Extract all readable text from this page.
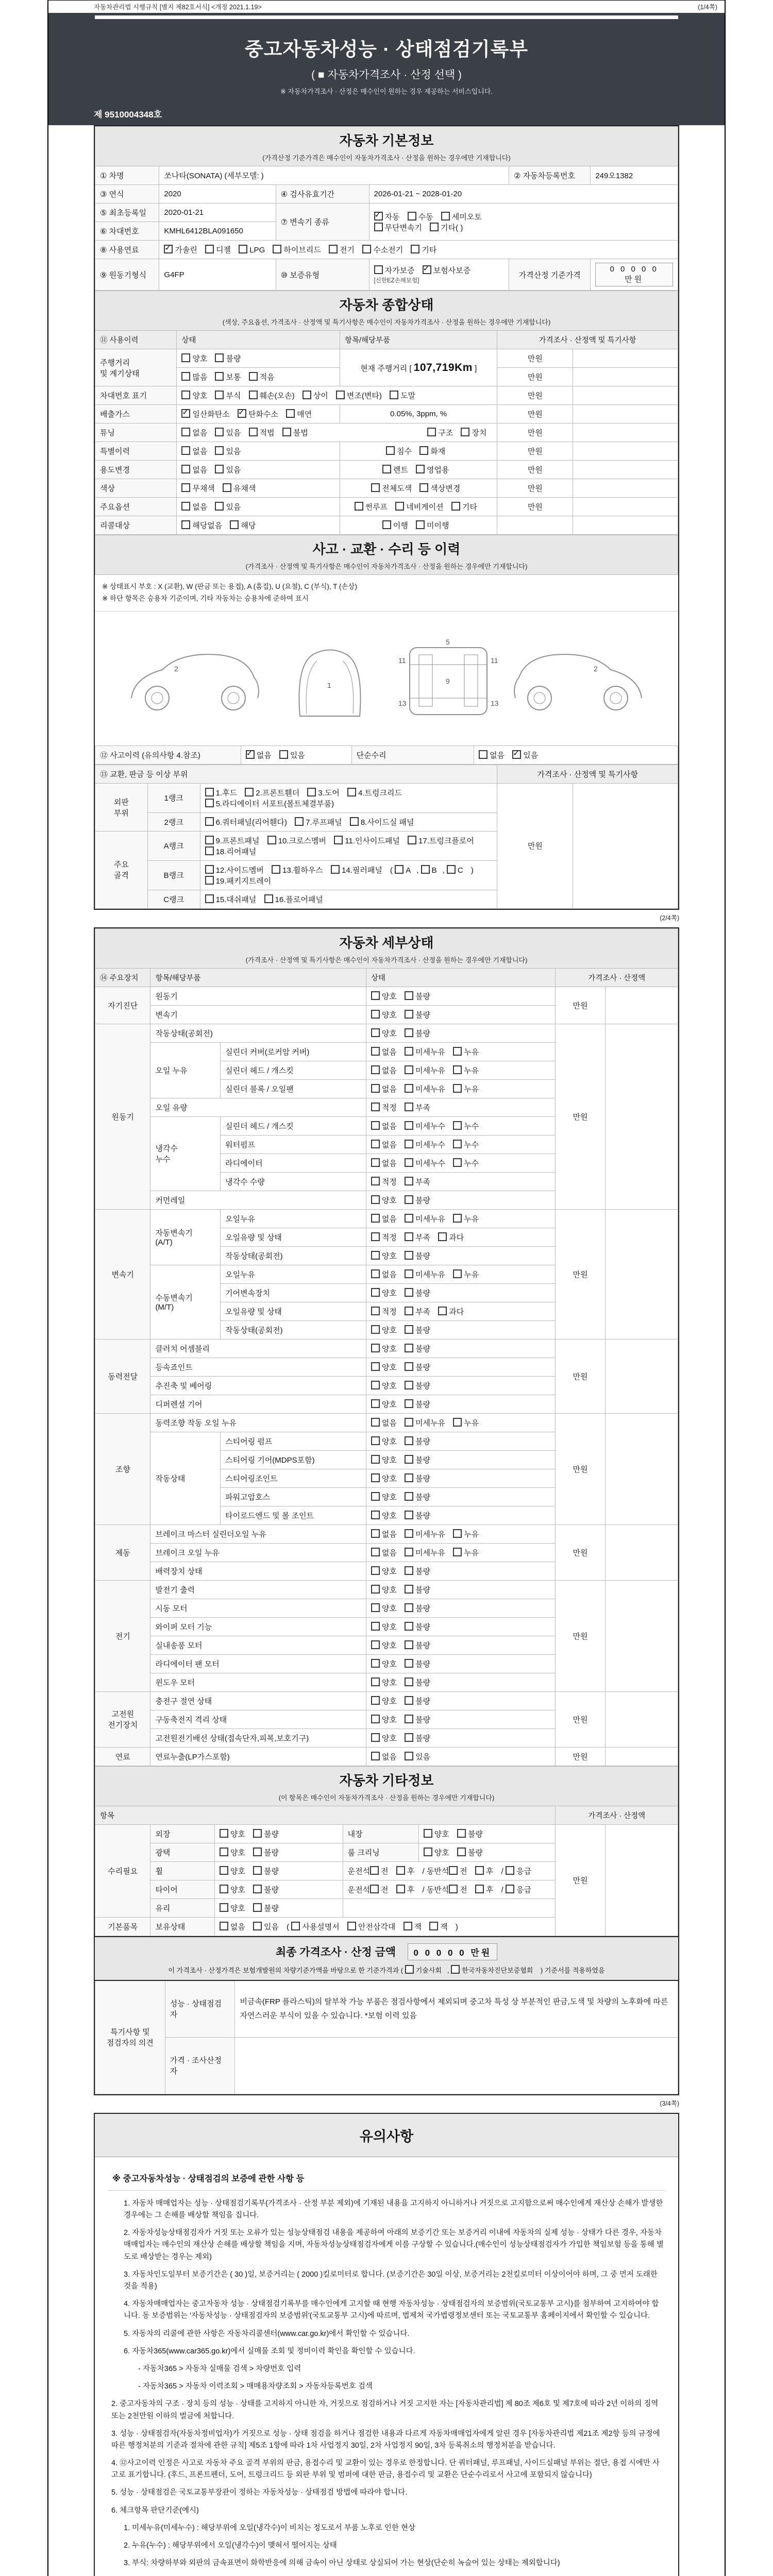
자동차관리법 시행규칙 [별지 제82호서식] <개정 2021.1.19>	(1/4쪽)
중고자동차성능 · 상태점검기록부
( ■ 자동차가격조사 · 산정 선택 )
※ 자동차가격조사 · 산정은 매수인이 원하는 경우 제공하는 서비스입니다.
제 9510004348호
자동차 기본정보
(가격산정 기준가격은 매수인이 자동차가격조사 · 산정을 원하는 경우에만 기재합니다)					

① 차명	쏘나타(SONATA) (세부모델: )			② 자동차등록번호	249오1382
③ 연식	2020	④ 검사유효기간	2026-01-21 ~ 2028-01-20		
⑤ 최초등록일	2020-01-21	⑦ 변속기 종류	✓자동 수동 세미오토
무단변속기 기타( )
⑥ 차대번호	KMHL6412BLA091650				
⑧ 사용연료	✓가솔린 디젤 LPG 하이브리드 전기 수소전기 기타
⑨ 원동기형식	G4FP	⑩ 보증유형	자가보증 ✓ 보험사보증 [신한EZ손해보험]	가격산정 기준가격	0 0 0 0 0 만원
자동차 종합상태
(색상, 주요옵션, 가격조사 · 산정액 및 특기사항은 매수인이 자동차가격조사 · 산정을 원하는 경우에만 기재합니다)				

⑪ 사용이력	상태	항목/해당부품	가격조사 · 산정액 및 특기사항	
주행거리
및 계기상태	양호 불량	현재 주행거리 [ 107,719Km ]	만원	
	많음 보통 적음		만원	
차대번호 표기	양호 부식 훼손(오손) 상이 변조(변타) 도말		만원	
배출가스	✓일산화탄소 ✓ 탄화수소 매연	0.05%, 3ppm, %	만원	
튜닝	없음 있음 적법 불법 구조 장치		만원	
특별이력	없음 있음	침수 화재	만원	
용도변경	없음 있음	렌트 영업용	만원	
색상	무채색 유채색	전체도색 색상변경	만원	
주요옵션	없음 있음	썬루프 네비게이션 기타	만원	
리콜대상	해당없음 해당	이행 미이행		
사고 · 교환 · 수리 등 이력
(가격조사 · 산정액 및 특기사항은 매수인이 자동차가격조사 · 산정을 원하는 경우에만 기재합니다)
※ 상태표시 부호 : X (교환), W (판금 또는 용접), A (흠집), U (요철), C (부식), T (손상)
※ 하단 항목은 승용차 기준이며, 기타 자동차는 승용차에 준하여 표시
2
1
5
11	11
9
13	13
2
⑫ 사고이력 (유의사항 4.참조)	✓없음 있음	단순수리	없음 ✓ 있음
⑬ 교환, 판금 등 이상 부위			가격조사 · 산정액 및 특기사항	
외판
부위	1랭크	1.후드 2.프론트휀더 3.도어 4.트렁크리드
5.라디에이터 서포트(볼트체결부품)	만원	
	2랭크	6.쿼터패널(리어휀다) 7.루프패널 8.사이드실 패널		
주요
골격	A랭크	9.프론트패널 10.크로스멤버 11.인사이드패널 17.트렁크플로어
18.리어패널		
	B랭크	12.사이드멤버 13.휠하우스 14.필러패널 ( A , B , C )
19.패키지트레이		
	C랭크	15.대쉬패널 16.플로어패널		
(2/4쪽)
자동차 세부상태
(가격조사 · 산정액 및 특기사항은 매수인이 자동차가격조사 · 산정을 원하는 경우에만 기재합니다)					

⑭ 주요장치	항목/해당부품		상태	가격조사 · 산정액	
자기진단	원동기		양호 불량	만원	
	변속기		양호 불량		
원동기	작동상태(공회전)		양호 불량	만원	
	오일 누유	실린더 커버(로커암 커버)	없음 미세누유 누유		
		실린더 헤드 / 개스킷	없음 미세누유 누유		
		실린더 블록 / 오일팬	없음 미세누유 누유		
	오일 유량		적정 부족		
	냉각수
누수	실린더 헤드 / 개스킷	없음 미세누수 누수		
		워터펌프	없음 미세누수 누수		
		라디에이터	없음 미세누수 누수		
		냉각수 수량	적정 부족		
	커먼레일		양호 불량		
변속기	자동변속기
(A/T)	오일누유	없음 미세누유 누유	만원	
		오일유량 및 상태	적정 부족 과다		
		작동상태(공회전)	양호 불량		
	수동변속기
(M/T)	오일누유	없음 미세누유 누유		
		기어변속장치	양호 불량		
		오일유량 및 상태	적정 부족 과다		
		작동상태(공회전)	양호 불량		
동력전달	클러치 어셈블리		양호 불량	만원	
	등속죠인트		양호 불량		
	추진축 및 베어링		양호 불량		
	디퍼렌셜 기어		양호 불량		
조향	동력조향 작동 오일 누유		없음 미세누유 누유	만원	
	작동상태	스티어링 펌프	양호 불량		
		스티어링 기어(MDPS포함)	양호 불량		
		스티어링조인트	양호 불량		
		파워고압호스	양호 불량		
		타이로드엔드 및 볼 조인트	양호 불량		
제동	브레이크 마스터 실린더오일 누유		없음 미세누유 누유	만원	
	브레이크 오일 누유		없음 미세누유 누유		
	배력장치 상태		양호 불량		
전기	발전기 출력		양호 불량	만원	
	시동 모터		양호 불량		
	와이퍼 모터 기능		양호 불량		
	실내송풍 모터		양호 불량		
	라디에이터 팬 모터		양호 불량		
	윈도우 모터		양호 불량		
고전원
전기장치	충전구 절연 상태		양호 불량	만원	
	구동축전지 격리 상태		양호 불량		
	고전원전기배선 상태(접속단자,피복,보호기구)		양호 불량		
연료	연료누출(LP가스포함)		없음 있음	만원	
자동차 기타정보
(이 항목은 매수인이 자동차가격조사 · 산정을 원하는 경우에만 기재합니다)						

항목					가격조사 · 산정액	
수리필요	외장	양호 불량	내장	양호 불량	만원	
	광택	양호 불량	룸 크리닝	양호 불량		
	휠	양호 불량	운전석 전 후 / 동반석 전 후 / 응급			
	타이어	양호 불량	운전석 전 후 / 동반석 전 후 / 응급			
	유리	양호 불량				
기본품목	보유상태	없음 있음 ( 사용설명서 안전삼각대 잭 잭 )				
최종 가격조사 · 산정 금액 0 0 0 0 0 만원
이 가격조사 · 산정가격은 보험개발원의 차량기준가액을 바탕으로 한 기준가격과 ( 기술사회 , 한국자동차진단보증협회 ) 기준서를 적용하였음
특기사항 및
점검자의 의견	성능 · 상태점검
자	비금속(FRP 플라스틱)의 탈부착 가능 부품은 점검사항에서 제외되며 중고차 특성 상 부분적인 판금,도색 및 차량의 노후화에 따른 자연스러운 부식이 있을 수 있습니다. *보험 이력 있음
	가격 · 조사산정
자	
(3/4쪽)
유의사항
※ 중고자동차성능 · 상태점검의 보증에 관한 사항 등
1. 자동차 매매업자는 성능 · 상태점검기록부(가격조사 · 산정 부분 제외)에 기재된 내용을 고지하지 아니하거나 거짓으로 고지함으로써 매수인에게 재산상 손해가 발생한 경우에는 그 손해를 배상할 책임을 집니다.
2. 자동차성능상태점검자가 거짓 또는 오류가 있는 성능상태점검 내용을 제공하여 아래의 보증기간 또는 보증거리 이내에 자동차의 실제 성능 · 상태가 다른 경우, 자동차매매업자는 매수인의 재산상 손해를 배상할 책임을 지며, 자동차성능상태점검자에게 이를 구상할 수 있습니다.(매수인이 성능상태점검자가 가입한 책임보험 등을 통해 별도로 배상받는 경우는 제외)
3. 자동차인도일부터 보증기간은 ( 30 )일, 보증거리는 ( 2000 )킬로미터로 합니다. (보증기간은 30일 이상, 보증거리는 2천킬로미터 이상이어야 하며, 그 중 먼저 도래한 것을 적용)
4. 자동차매매업자는 중고자동차 성능 · 상태점검기록부를 매수인에게 고지할 때 현행 자동차성능 · 상태점검자의 보증범위(국토교통부 고시)를 첨부하여 고지하여야 합니다. 동 보증범위는 '자동차성능 · 상태점검자의 보증범위'(국토교통부 고시)에 따르며, 법제처 국가법령정보센터 또는 국토교통부 홈페이지에서 확인할 수 있습니다.
5. 자동차의 리콜에 관한 사항은 자동차리콜센터(www.car.go.kr)에서 확인할 수 있습니다.
6. 자동차365(www.car365.go.kr)에서 실매물 조회 및 정비이력 확인을 확인할 수 있습니다.
- 자동차365 > 자동차 실매물 검색 > 차량번호 입력
- 자동차365 > 자동차 이력조회 > 매매용차량조회 > 자동차등록번호 검색
2. 중고자동차의 구조 · 장치 등의 성능 · 상태를 고지하지 아니한 자, 거짓으로 점검하거나 거짓 고지한 자는 [자동차관리법] 제 80조 제6호 및 제7호에 따라 2년 이하의 징역 또는 2천만원 이하의 벌금에 처합니다.
3. 성능 · 상태점검자(자동차정비업자)가 거짓으로 성능 · 상태 점검을 하거나 점검한 내용과 다르게 자동차매매업자에게 알린 경우 [자동차관리법 제21조 제2항 등의 규정에 따른 행정처분의 기준과 절차에 관한 규칙] 제5조 1항에 따라 1차 사업정지 30일, 2차 사업정지 90일, 3차 등록취소의 행정처분을 받습니다.
4. ⑫사고이력 인정은 사고로 자동차 주요 골격 부위의 판금, 용접수리 및 교환이 있는 경우로 한정합니다. 단 쿼터패널, 루프패널, 사이드실패널 부위는 절단, 용접 시에만 사고로 표기합니다. (후드, 프론트펜더, 도어, 트렁크리드 등 외판 부위 및 범퍼에 대한 판금, 용접수리 및 교환은 단순수리로서 사고에 포함되지 않습니다)
5. 성능 · 상태점검은 국토교통부장관이 정하는 자동차성능 · 상태점검 방법에 따라야 합니다.
6. 체크항목 판단기준(예시)
1. 미세누유(미세누수) : 해당부위에 오일(냉각수)이 비치는 정도로서 부품 노후로 인한 현상
2. 누유(누수) : 해당부위에서 오일(냉각수)이 맺혀서 떨어지는 상태
3. 부식: 차량하부와 외판의 금속표면이 화학반응에 의해 금속이 아닌 상태로 상실되어 가는 현상(단순히 녹슬어 있는 상태는 제외합니다)
